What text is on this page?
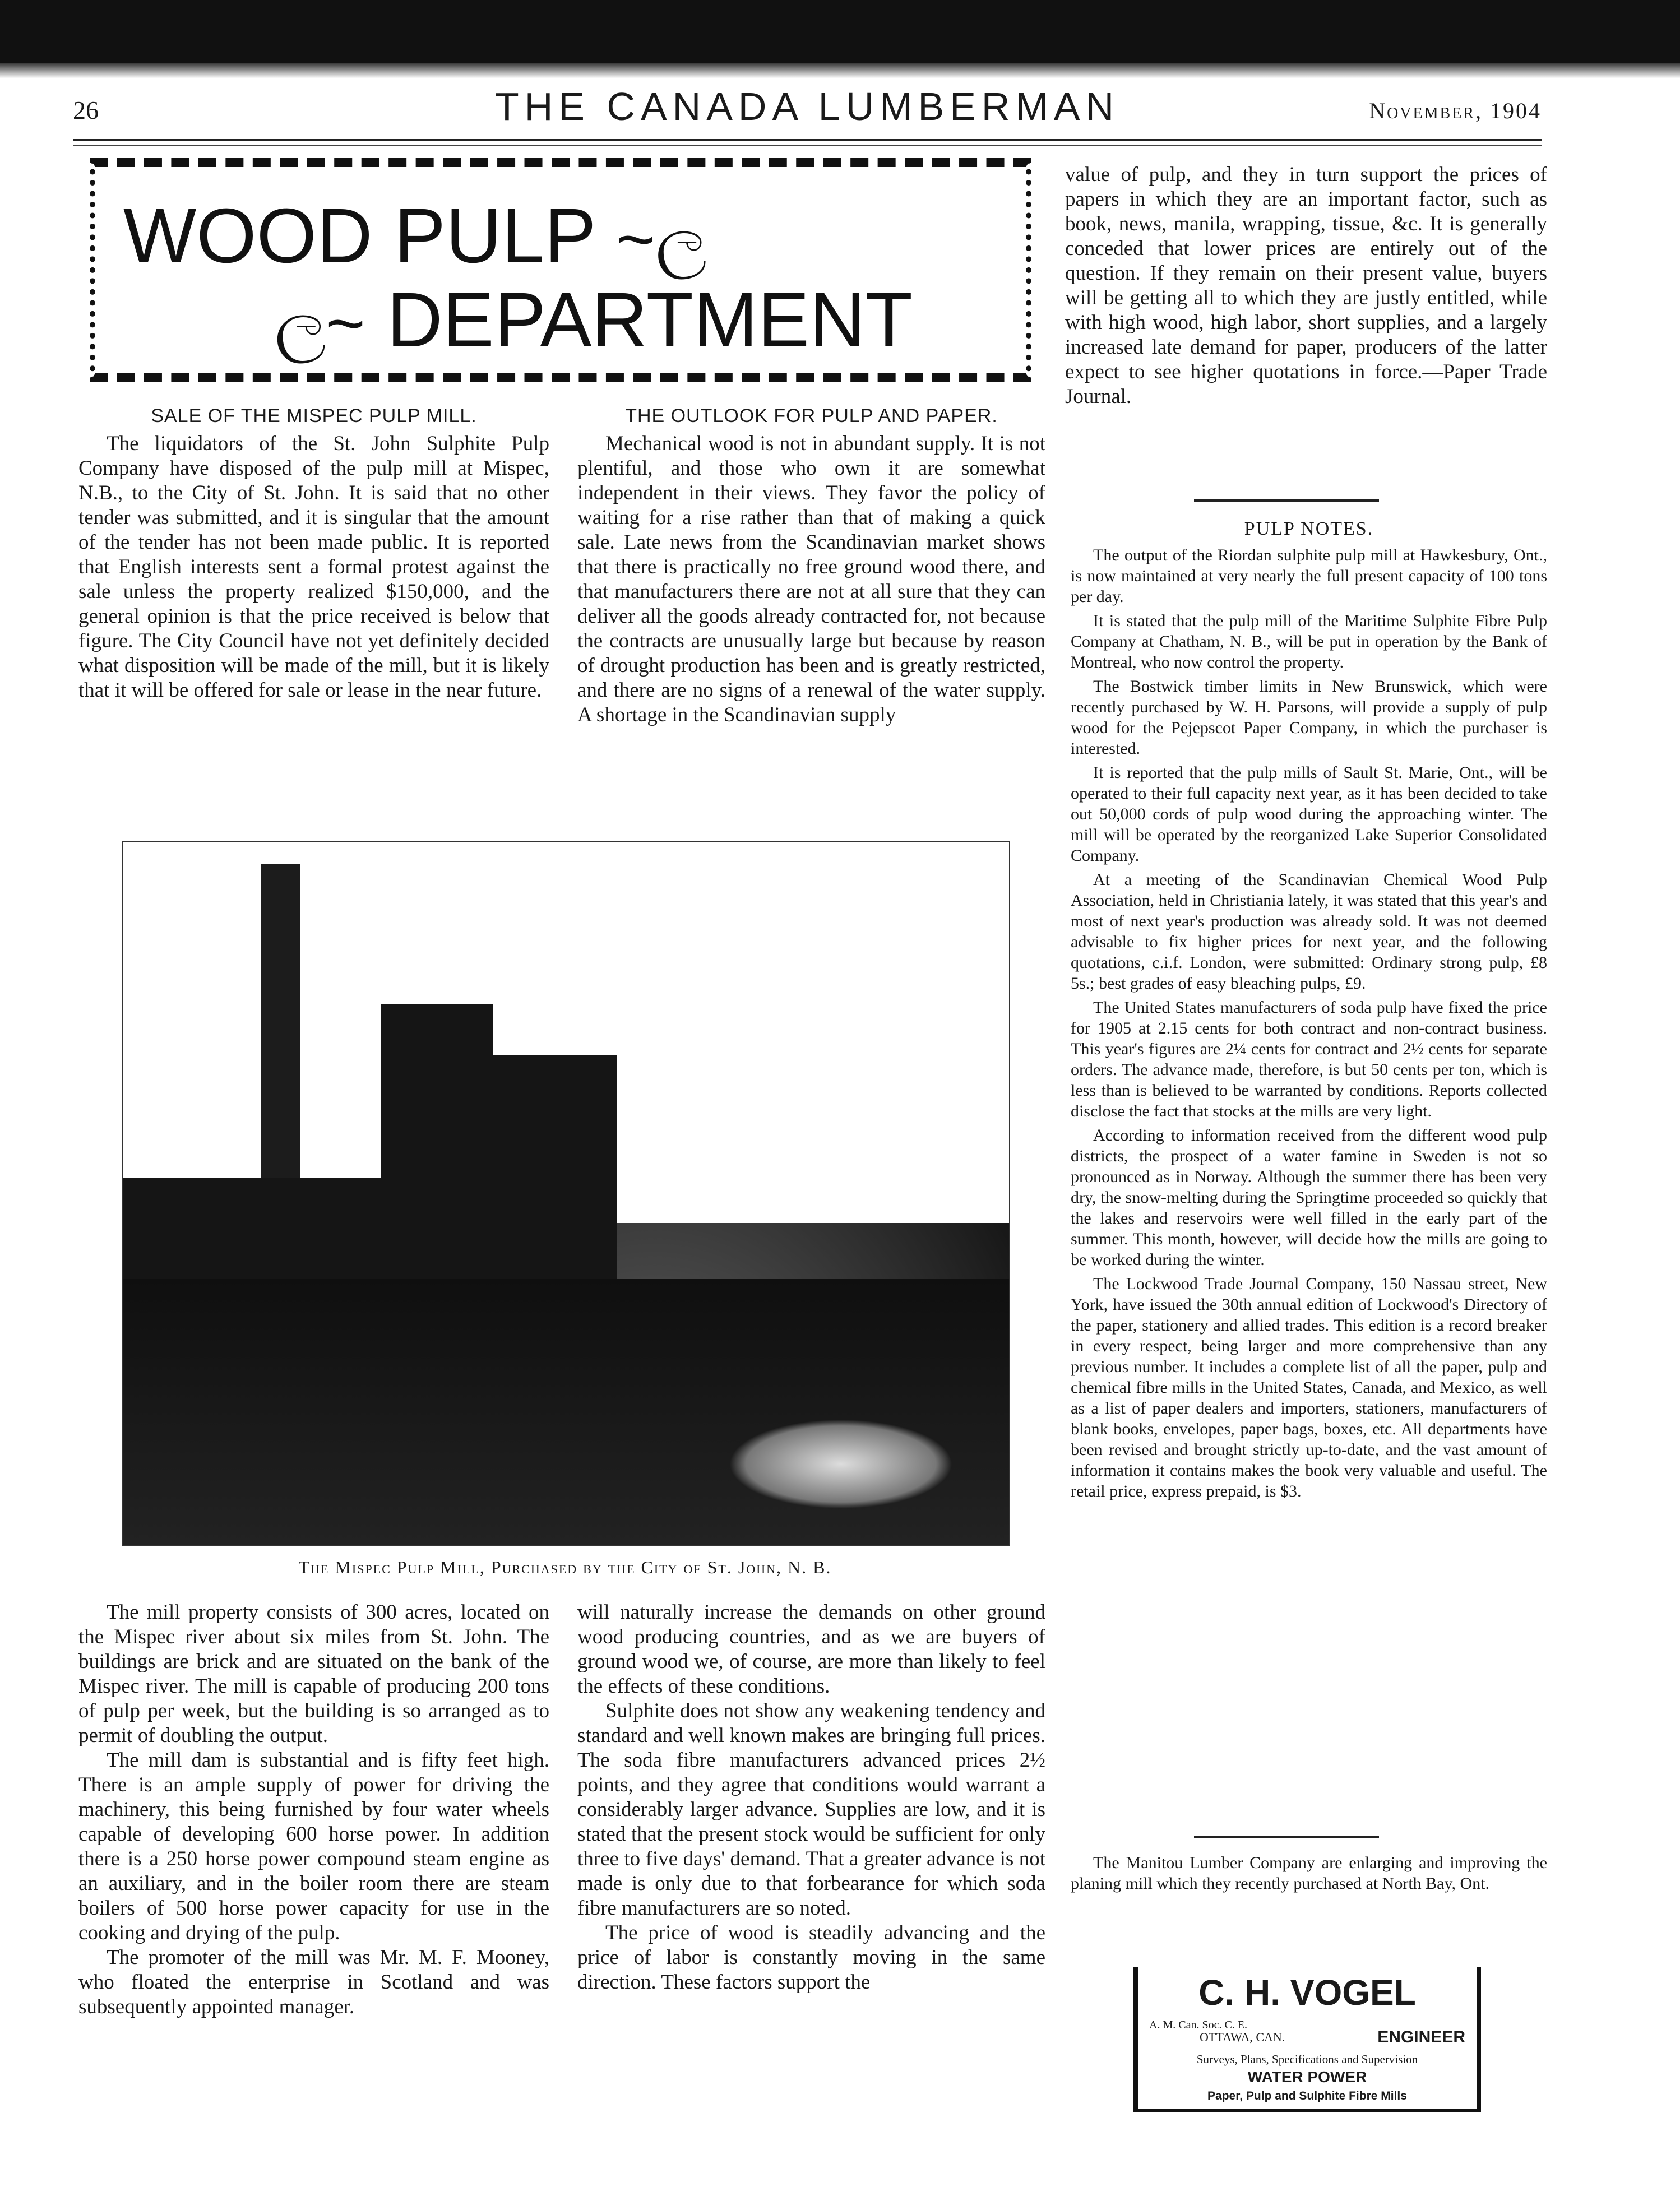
26	THE CANADA LUMBERMAN	November, 1904
WOOD PULP ~ල
ල~ DEPARTMENT
SALE OF THE MISPEC PULP MILL.

The liquidators of the St. John Sulphite Pulp Company have disposed of the pulp mill at Mispec, N.B., to the City of St. John. It is said that no other tender was submitted, and it is singular that the amount of the tender has not been made public. It is reported that English interests sent a formal protest against the sale unless the property realized $150,000, and the general opinion is that the price received is below that figure. The City Council have not yet definitely decided what disposition will be made of the mill, but it is likely that it will be offered for sale or lease in the near future.

THE OUTLOOK FOR PULP AND PAPER.

Mechanical wood is not in abundant supply. It is not plentiful, and those who own it are somewhat independent in their views. They favor the policy of waiting for a rise rather than that of making a quick sale. Late news from the Scandinavian market shows that there is practically no free ground wood there, and that manufacturers there are not at all sure that they can deliver all the goods already contracted for, not because the contracts are unusually large but because by reason of drought production has been and is greatly restricted, and there are no signs of a renewal of the water supply. A shortage in the Scandinavian supply

The Mispec Pulp Mill, Purchased by the City of St. John, N. B.

The mill property consists of 300 acres, located on the Mispec river about six miles from St. John. The buildings are brick and are situated on the bank of the Mispec river. The mill is capable of producing 200 tons of pulp per week, but the building is so arranged as to permit of doubling the output.

The mill dam is substantial and is fifty feet high. There is an ample supply of power for driving the machinery, this being furnished by four water wheels capable of developing 600 horse power. In addition there is a 250 horse power compound steam engine as an auxiliary, and in the boiler room there are steam boilers of 500 horse power capacity for use in the cooking and drying of the pulp.

The promoter of the mill was Mr. M. F. Mooney, who floated the enterprise in Scotland and was subsequently appointed manager.

will naturally increase the demands on other ground wood producing countries, and as we are buyers of ground wood we, of course, are more than likely to feel the effects of these conditions.

Sulphite does not show any weakening tendency and standard and well known makes are bringing full prices. The soda fibre manufacturers advanced prices 2½ points, and they agree that conditions would warrant a considerably larger advance. Supplies are low, and it is stated that the present stock would be sufficient for only three to five days' demand. That a greater advance is not made is only due to that forbearance for which soda fibre manufacturers are so noted.

The price of wood is steadily advancing and the price of labor is constantly moving in the same direction. These factors support the

value of pulp, and they in turn support the prices of papers in which they are an important factor, such as book, news, manila, wrapping, tissue, &c. It is generally conceded that lower prices are entirely out of the question. If they remain on their present value, buyers will be getting all to which they are justly entitled, while with high wood, high labor, short supplies, and a largely increased late demand for paper, producers of the latter expect to see higher quotations in force.—Paper Trade Journal.

PULP NOTES.

The output of the Riordan sulphite pulp mill at Hawkesbury, Ont., is now maintained at very nearly the full present capacity of 100 tons per day.

It is stated that the pulp mill of the Maritime Sulphite Fibre Pulp Company at Chatham, N. B., will be put in operation by the Bank of Montreal, who now control the property.

The Bostwick timber limits in New Brunswick, which were recently purchased by W. H. Parsons, will provide a supply of pulp wood for the Pejepscot Paper Company, in which the purchaser is interested.

It is reported that the pulp mills of Sault St. Marie, Ont., will be operated to their full capacity next year, as it has been decided to take out 50,000 cords of pulp wood during the approaching winter. The mill will be operated by the reorganized Lake Superior Consolidated Company.

At a meeting of the Scandinavian Chemical Wood Pulp Association, held in Christiania lately, it was stated that this year's and most of next year's production was already sold. It was not deemed advisable to fix higher prices for next year, and the following quotations, c.i.f. London, were submitted: Ordinary strong pulp, £8 5s.; best grades of easy bleaching pulps, £9.

The United States manufacturers of soda pulp have fixed the price for 1905 at 2.15 cents for both contract and non-contract business. This year's figures are 2¼ cents for contract and 2½ cents for separate orders. The advance made, therefore, is but 50 cents per ton, which is less than is believed to be warranted by conditions. Reports collected disclose the fact that stocks at the mills are very light.

According to information received from the different wood pulp districts, the prospect of a water famine in Sweden is not so pronounced as in Norway. Although the summer there has been very dry, the snow-melting during the Springtime proceeded so quickly that the lakes and reservoirs were well filled in the early part of the summer. This month, however, will decide how the mills are going to be worked during the winter.

The Lockwood Trade Journal Company, 150 Nassau street, New York, have issued the 30th annual edition of Lockwood's Directory of the paper, stationery and allied trades. This edition is a record breaker in every respect, being larger and more comprehensive than any previous number. It includes a complete list of all the paper, pulp and chemical fibre mills in the United States, Canada, and Mexico, as well as a list of paper dealers and importers, stationers, manufacturers of blank books, envelopes, paper bags, boxes, etc. All departments have been revised and brought strictly up-to-date, and the vast amount of information it contains makes the book very valuable and useful. The retail price, express prepaid, is $3.

The Manitou Lumber Company are enlarging and improving the planing mill which they recently purchased at North Bay, Ont.

C. H. VOGEL
A. M. Can. Soc. C. E.
OTTAWA, CAN.	ENGINEER
Surveys, Plans, Specifications and Supervision
WATER POWER
Paper, Pulp and Sulphite Fibre Mills
